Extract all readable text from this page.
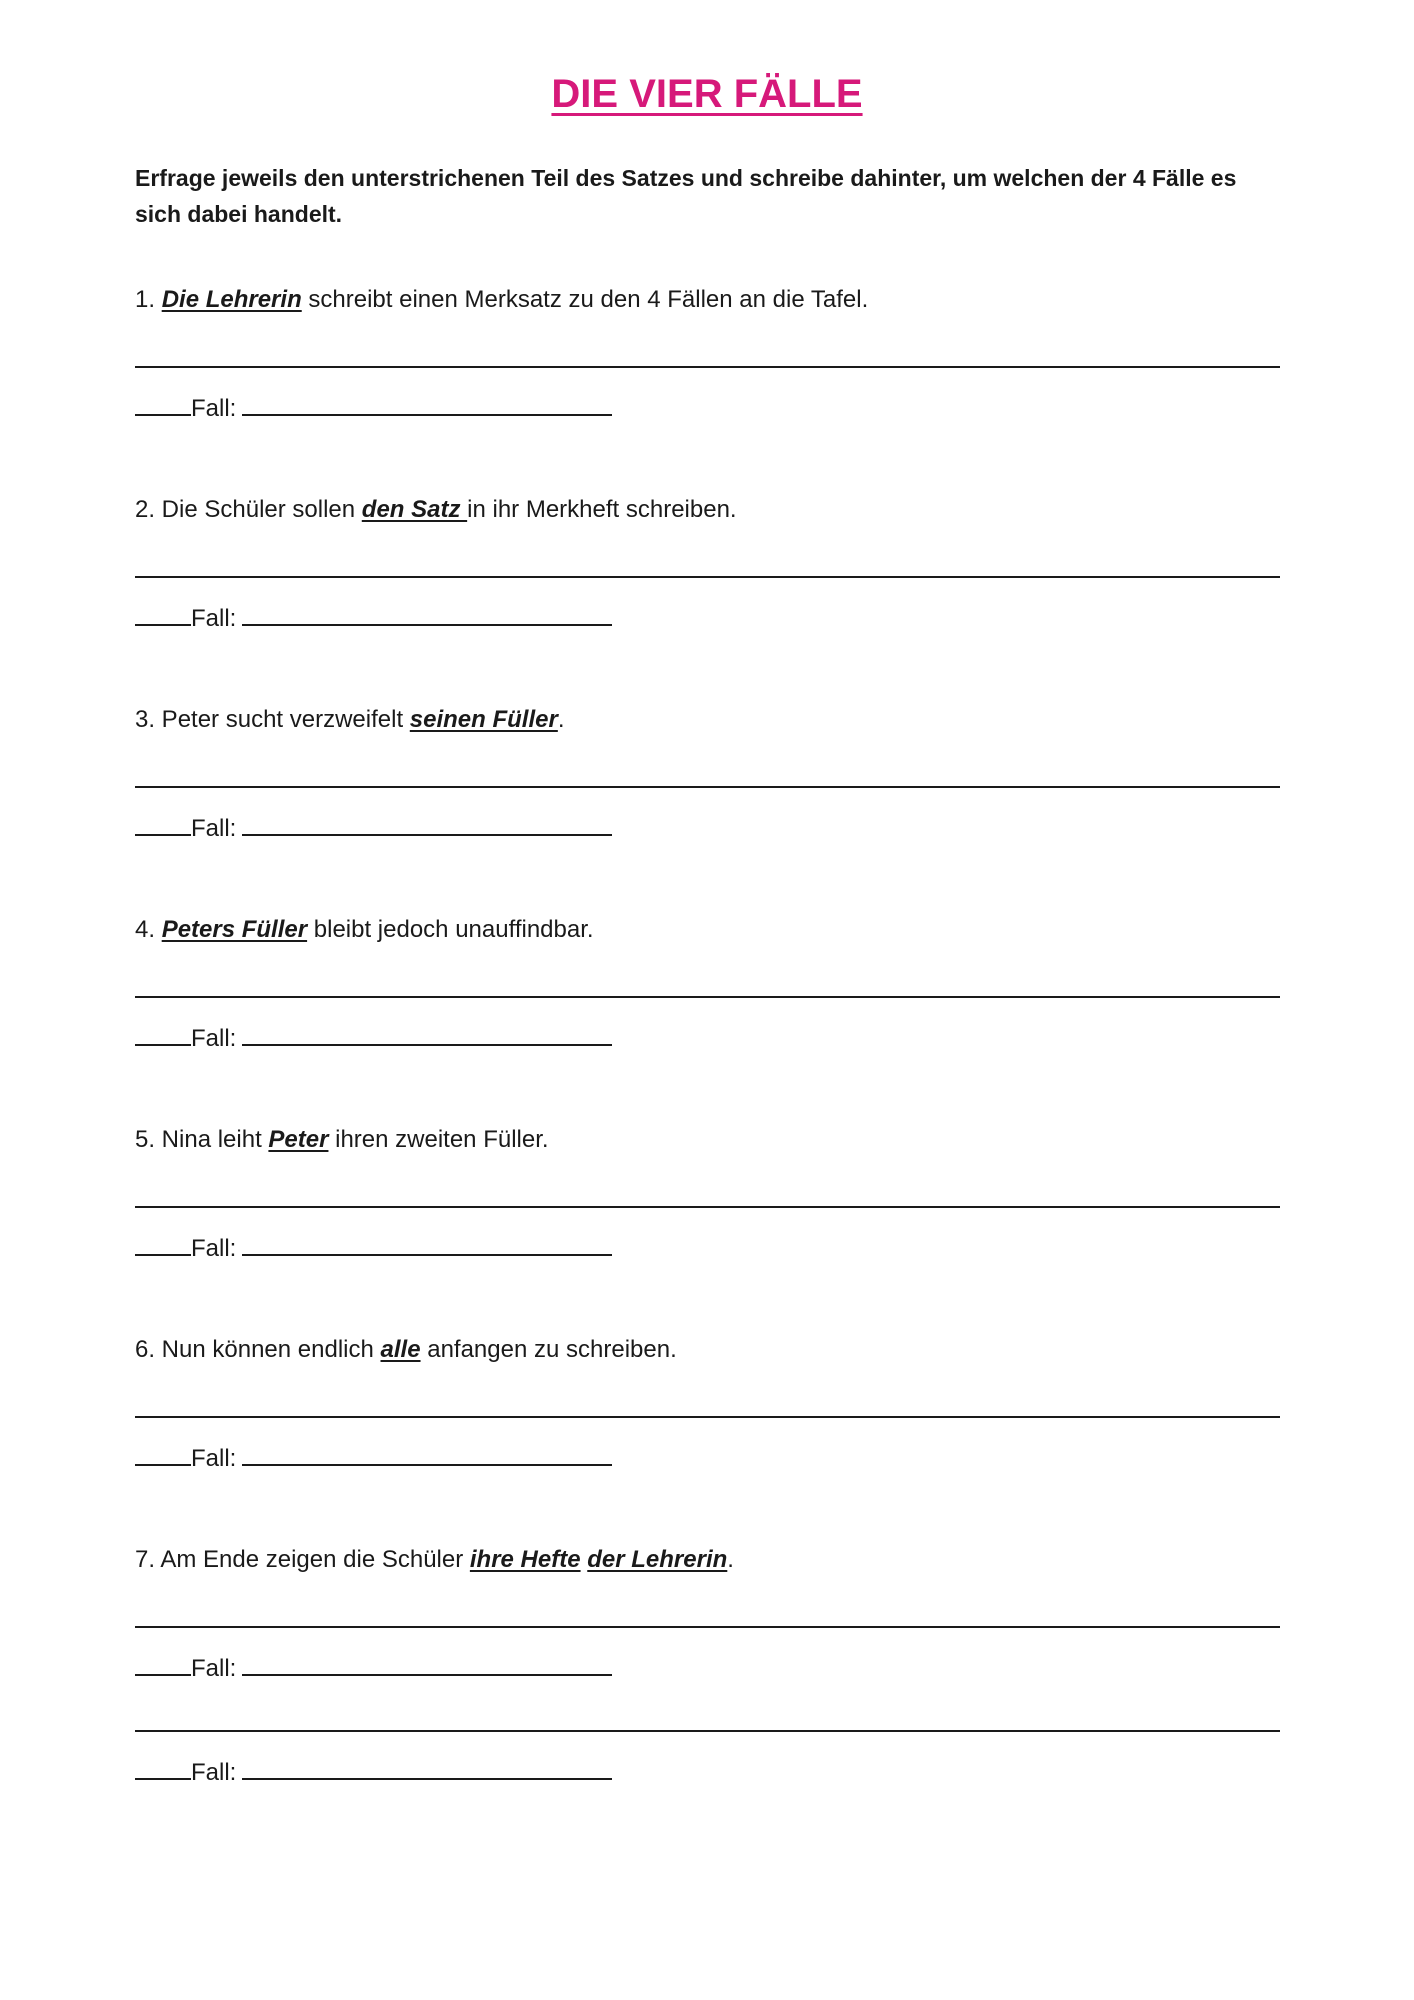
DIE VIER FÄLLE

Erfrage jeweils den unterstrichenen Teil des Satzes und schreibe dahinter, um welchen der 4 Fälle es sich dabei handelt.

1. Die Lehrerin schreibt einen Merksatz zu den 4 Fällen an die Tafel.

Fall:

2. Die Schüler sollen den Satz in ihr Merkheft schreiben.

Fall:

3. Peter sucht verzweifelt seinen Füller.

Fall:

4. Peters Füller bleibt jedoch unauffindbar.

Fall:

5. Nina leiht Peter ihren zweiten Füller.

Fall:

6. Nun können endlich alle anfangen zu schreiben.

Fall:

7. Am Ende zeigen die Schüler ihre Hefte der Lehrerin.

Fall:
Fall:
